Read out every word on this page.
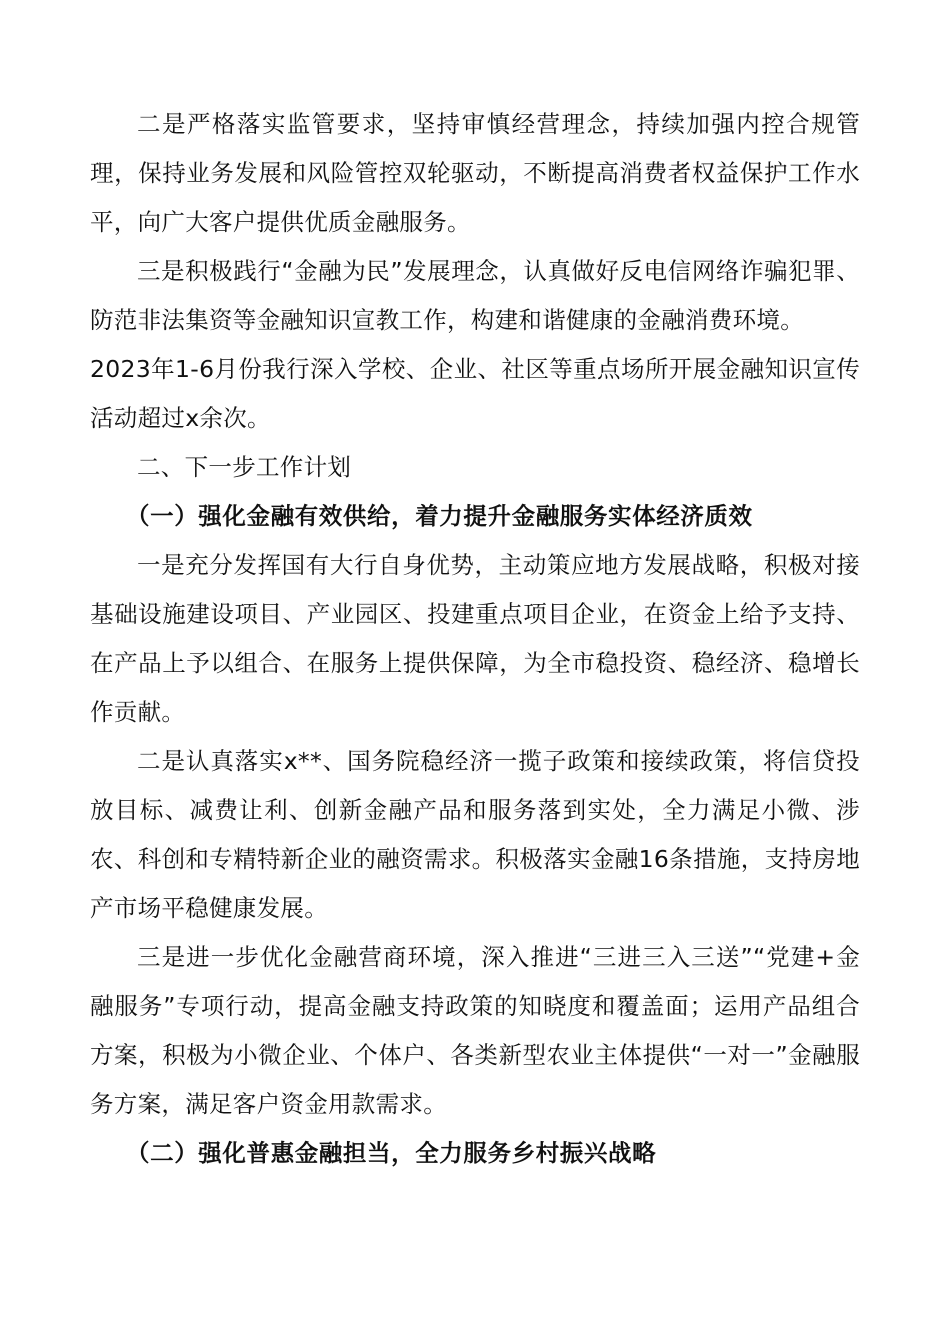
二是严格落实监管要求，坚持审慎经营理念，持续加强内控合规管理，保持业务发展和风险管控双轮驱动，不断提高消费者权益保护工作水平，向广大客户提供优质金融服务。

三是积极践行“金融为民”发展理念，认真做好反电信网络诈骗犯罪、防范非法集资等金融知识宣教工作，构建和谐健康的金融消费环境。

2023年1-6月份我行深入学校、企业、社区等重点场所开展金融知识宣传活动超过x余次。

二、下一步工作计划

（一）强化金融有效供给，着力提升金融服务实体经济质效

一是充分发挥国有大行自身优势，主动策应地方发展战略，积极对接基础设施建设项目、产业园区、投建重点项目企业，在资金上给予支持、在产品上予以组合、在服务上提供保障，为全市稳投资、稳经济、稳增长作贡献。

二是认真落实x**、国务院稳经济一揽子政策和接续政策，将信贷投放目标、减费让利、创新金融产品和服务落到实处，全力满足小微、涉农、科创和专精特新企业的融资需求。积极落实金融16条措施，支持房地产市场平稳健康发展。

三是进一步优化金融营商环境，深入推进“三进三入三送”“党建+金融服务”专项行动，提高金融支持政策的知晓度和覆盖面；运用产品组合方案，积极为小微企业、个体户、各类新型农业主体提供“一对一”金融服务方案，满足客户资金用款需求。

（二）强化普惠金融担当，全力服务乡村振兴战略
